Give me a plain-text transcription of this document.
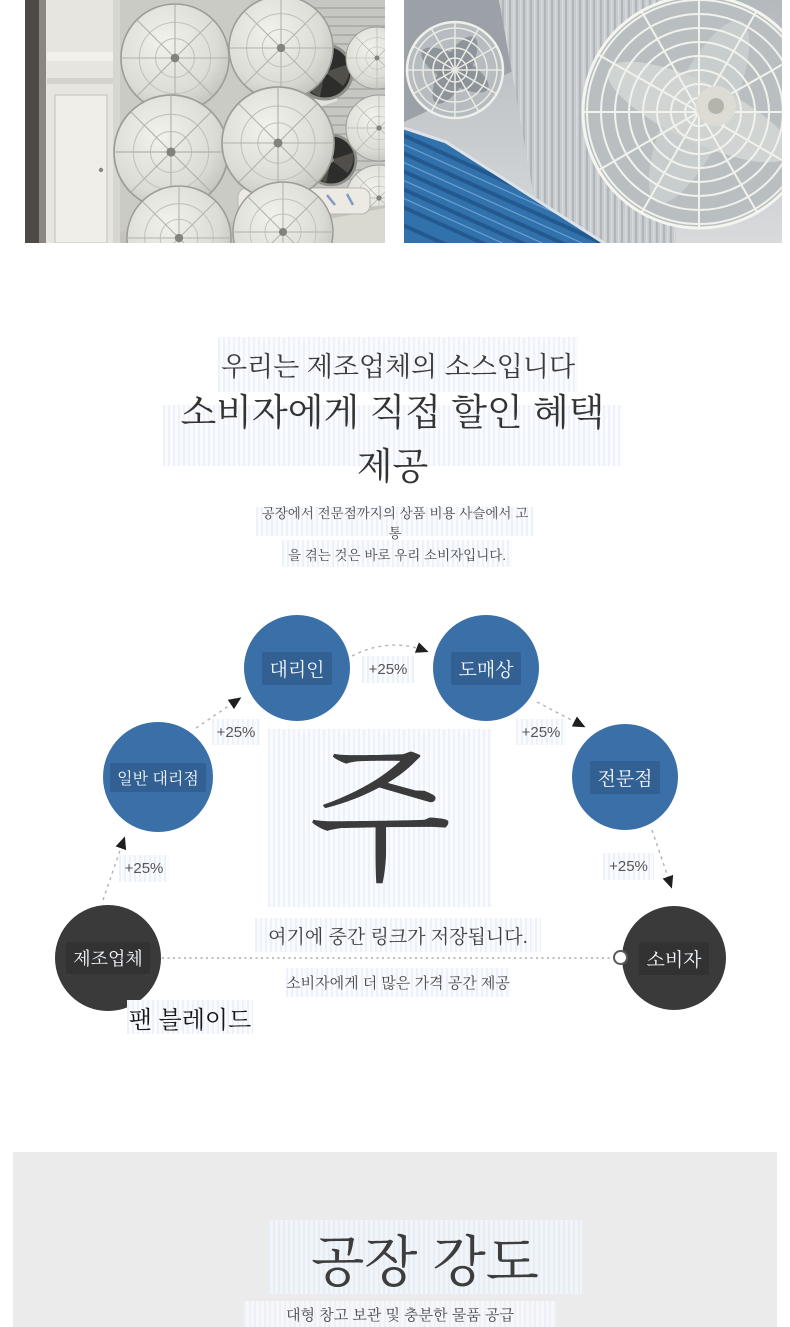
우리는 제조업체의 소스입니다
소비자에게 직접 할인 혜택 제공
공장에서 전문점까지의 상품 비용 사슬에서 고통
을 겪는 것은 바로 우리 소비자입니다.
주
대리인	도매상
일반 대리점	전문점
제조업체	소비자
+25%
+25%
+25%
+25%
+25%
여기에 중간 링크가 저장됩니다.
소비자에게 더 많은 가격 공간 제공
팬 블레이드
공장 강도
대형 창고 보관 및 충분한 물품 공급
